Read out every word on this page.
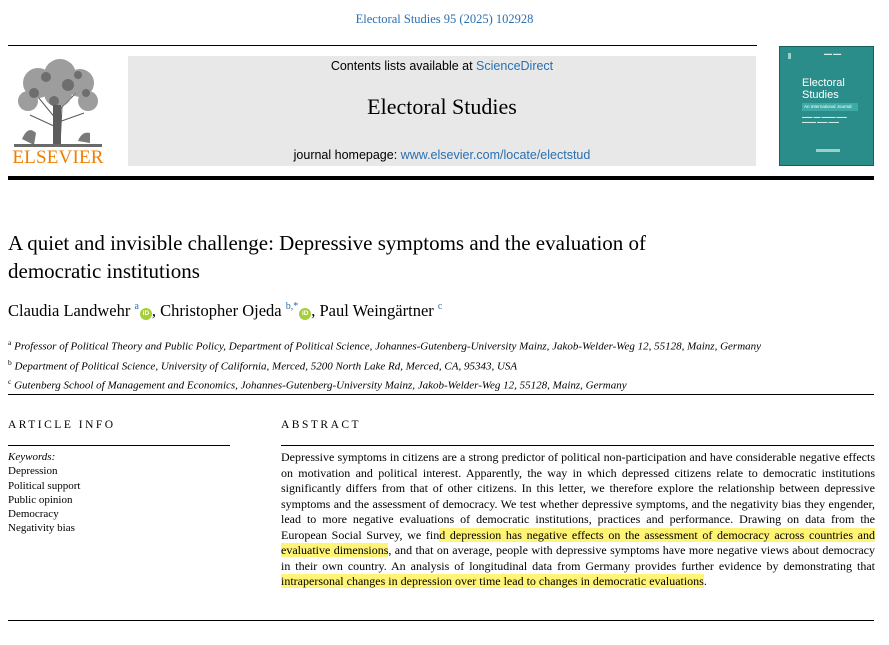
Electoral Studies 95 (2025) 102928
ELSEVIER
Contents lists available at ScienceDirect
Electoral Studies
journal homepage: www.elsevier.com/locate/electstud
▬▬ ▬▬
Electoral
Studies
An International Journal
▬▬▬ ▬▬ ▬▬▬▬ ▬▬▬
▬▬▬▬ ▬▬▬ ▬▬▬
A quiet and invisible challenge: Depressive symptoms and the evaluation of
democratic institutions
Claudia Landwehr $^a$iD , Christopher Ojeda $^{b,*}$iD , Paul Weingärtner $^c$
$^a$ Professor of Political Theory and Public Policy, Department of Political Science, Johannes-Gutenberg-University Mainz, Jakob-Welder-Weg 12, 55128, Mainz, Germany
$^b$ Department of Political Science, University of California, Merced, 5200 North Lake Rd, Merced, CA, 95343, USA
$^c$ Gutenberg School of Management and Economics, Johannes-Gutenberg-University Mainz, Jakob-Welder-Weg 12, 55128, Mainz, Germany
ARTICLE INFO
Keywords:
Depression
Political support
Public opinion
Democracy
Negativity bias
ABSTRACT
Depressive symptoms in citizens are a strong predictor of political non-participation and have considerable negative effects on motivation and political interest. Apparently, the way in which depressed citizens relate to democratic institutions significantly differs from that of other citizens. In this letter, we therefore explore the relationship between depressive symptoms and the assessment of democracy. We test whether depressive symptoms, and the negativity bias they engender, lead to more negative evaluations of democratic institutions, practices and performance. Drawing on data from the European Social Survey, we find depression has negative effects on the assessment of democracy across countries and evaluative dimensions, and that on average, people with depressive symptoms have more negative views about democracy in their own country. An analysis of longitudinal data from Germany provides further evidence by demonstrating that intrapersonal changes in depression over time lead to changes in democratic evaluations.
